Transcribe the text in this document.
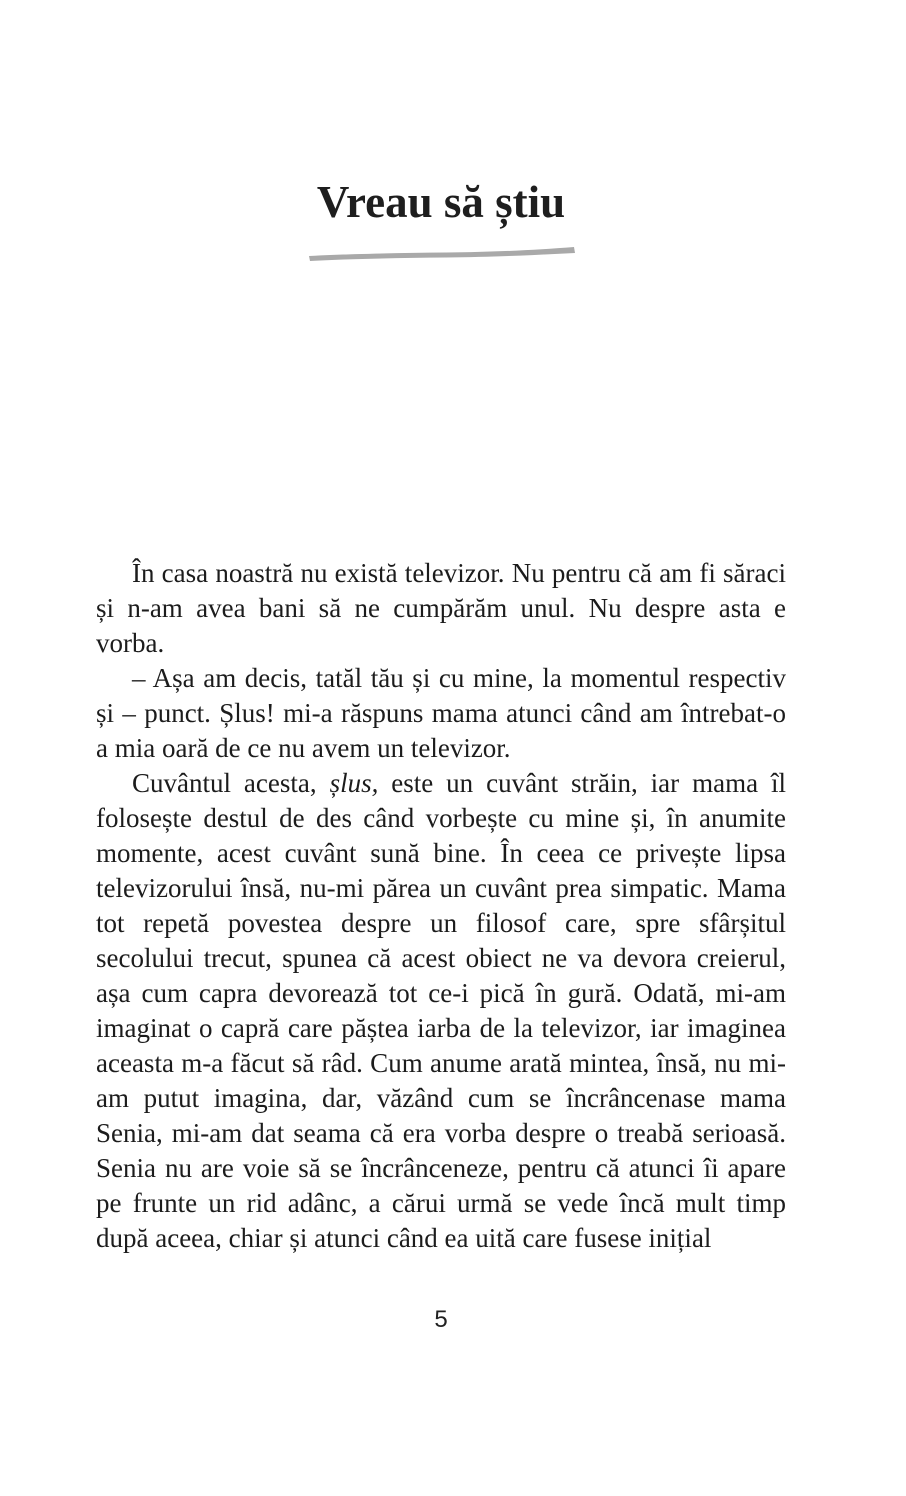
Vreau să știu

În casa noastră nu există televizor. Nu pentru că am fi săraci și n-am avea bani să ne cumpărăm unul. Nu despre asta e vorba.

– Așa am decis, tatăl tău și cu mine, la momentul respectiv și – punct. Șlus! mi-a răspuns mama atunci când am întrebat-o a mia oară de ce nu avem un televizor.

Cuvântul acesta, șlus, este un cuvânt străin, iar mama îl folosește destul de des când vorbește cu mine și, în anumite momente, acest cuvânt sună bine. În ceea ce privește lipsa televizorului însă, nu-mi părea un cuvânt prea simpatic. Mama tot repetă povestea despre un filosof care, spre sfârșitul secolului trecut, spunea că acest obiect ne va devora creierul, așa cum capra devorează tot ce-i pică în gură. Odată, mi-am imaginat o capră care păștea iarba de la televizor, iar imaginea aceasta m-a făcut să râd. Cum anume arată mintea, însă, nu mi-am putut imagina, dar, văzând cum se încrâncenase mama Senia, mi-am dat seama că era vorba despre o treabă serioasă. Senia nu are voie să se încrânceneze, pentru că atunci îi apare pe frunte un rid adânc, a cărui urmă se vede încă mult timp după aceea, chiar și atunci când ea uită care fusese inițial

5
